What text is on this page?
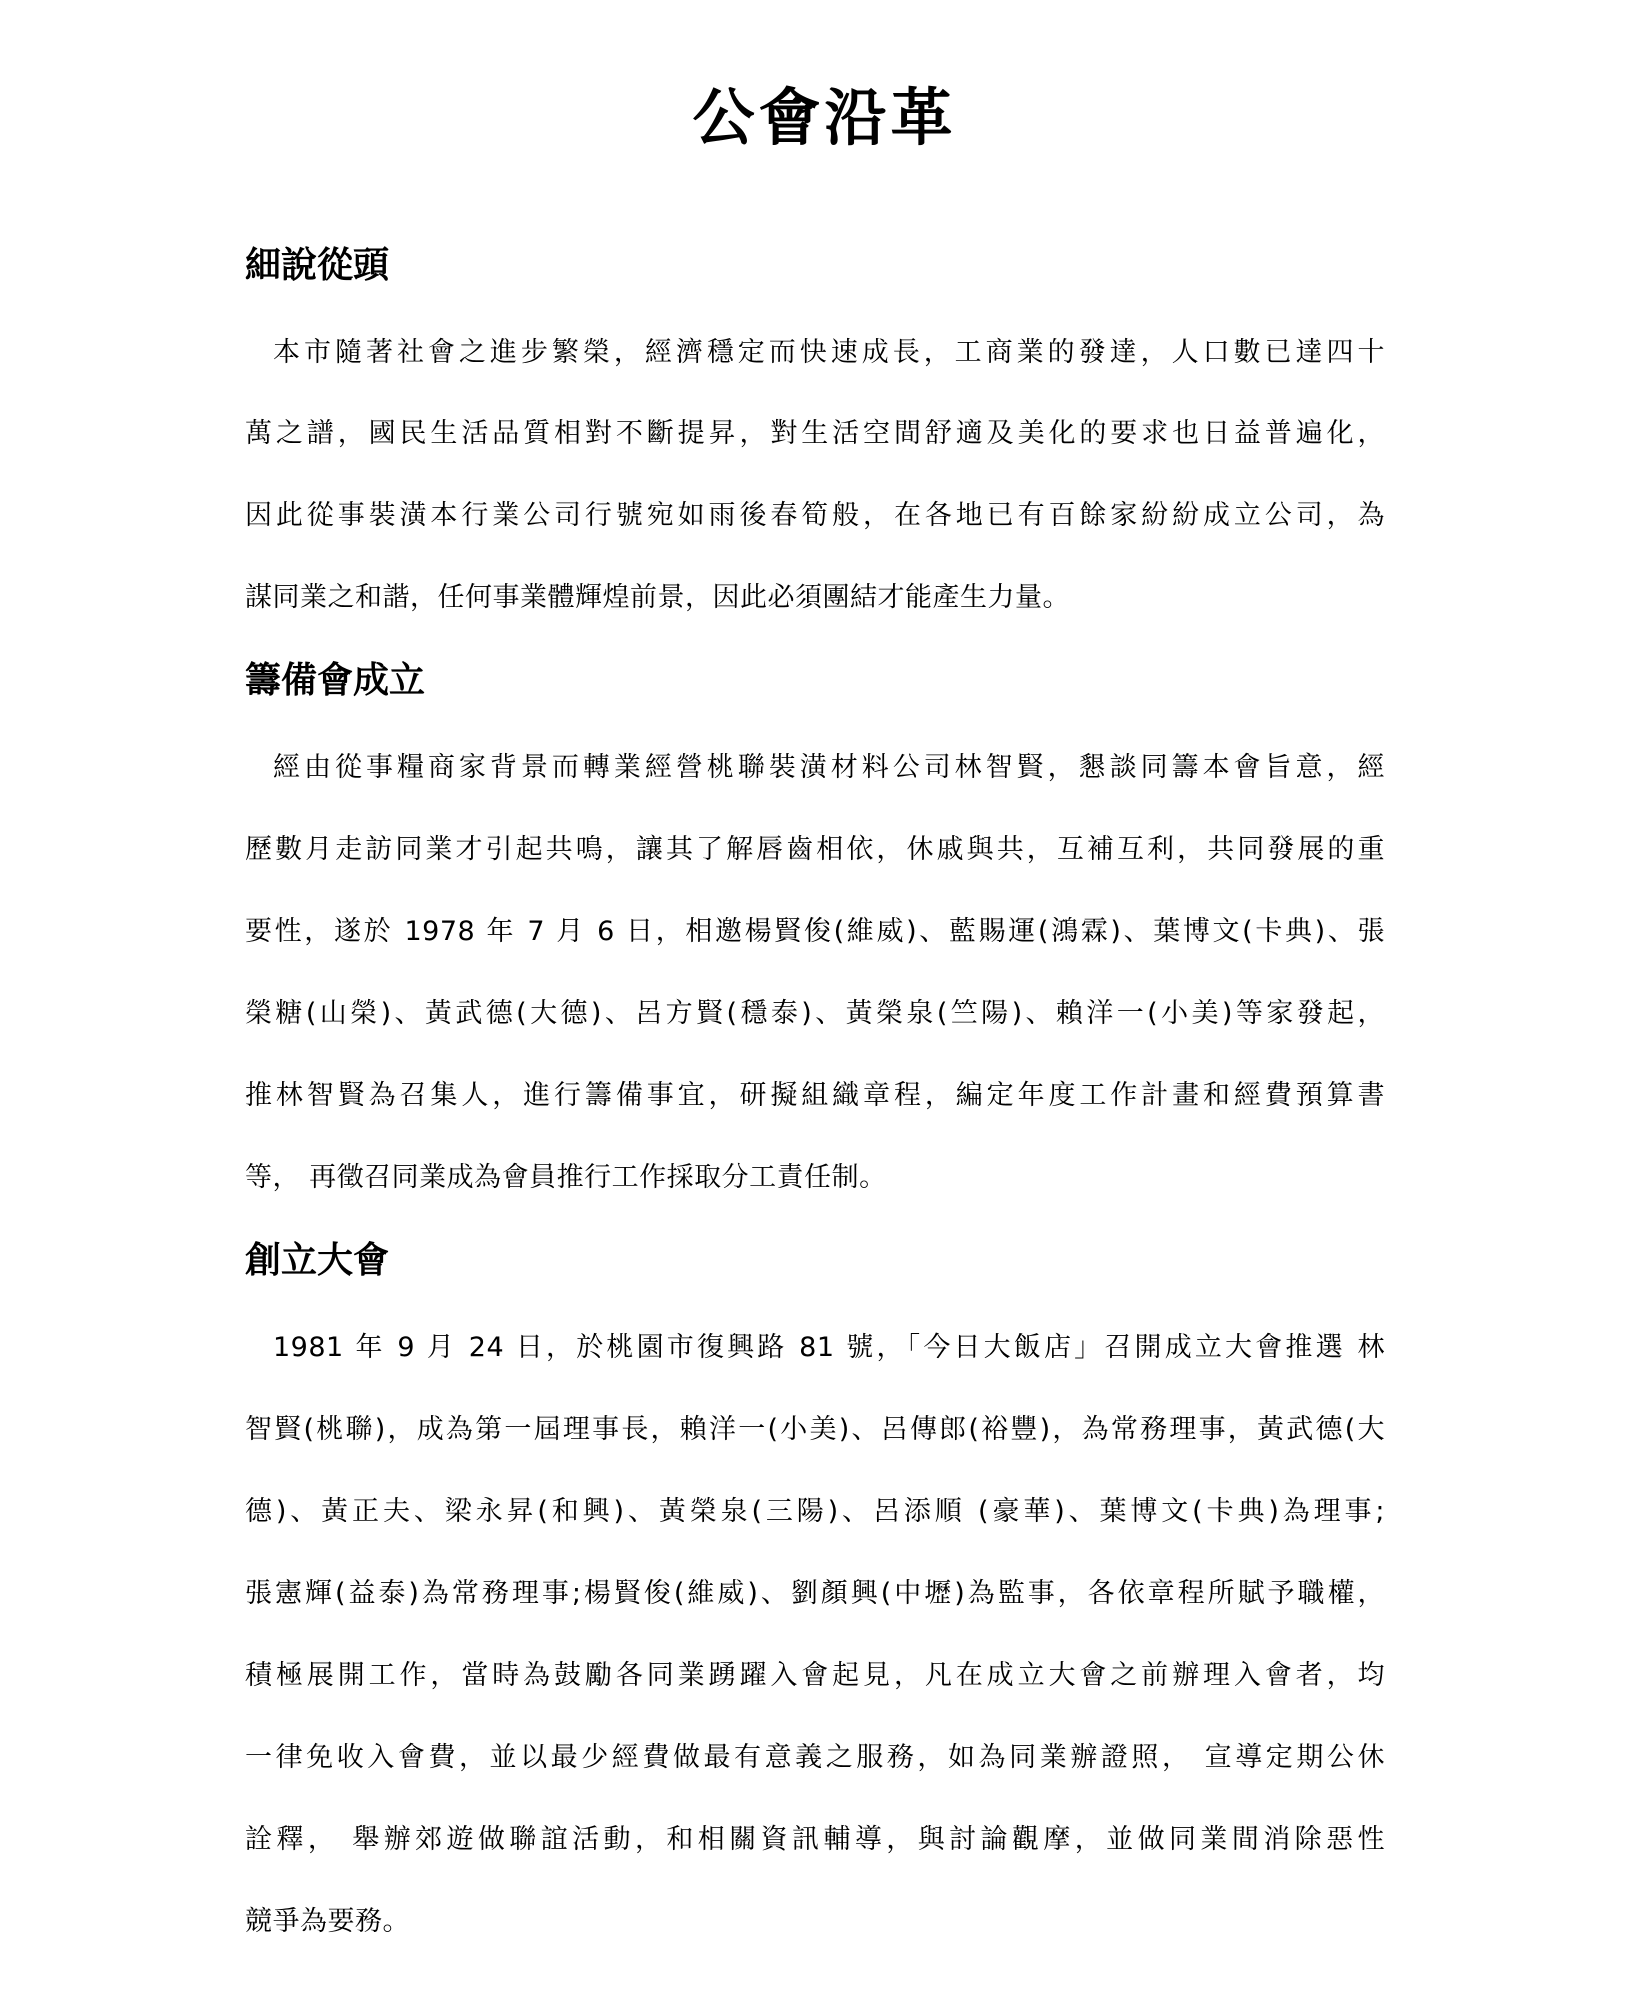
公會沿革
細說從頭

本市隨著社會之進步繁榮，經濟穩定而快速成長，工商業的發達，人口數已達四十

萬之譜，國民生活品質相對不斷提昇，對生活空間舒適及美化的要求也日益普遍化，

因此從事裝潢本行業公司行號宛如雨後春筍般，在各地已有百餘家紛紛成立公司，為

謀同業之和諧，任何事業體輝煌前景，因此必須團結才能產生力量。

籌備會成立

經由從事糧商家背景而轉業經營桃聯裝潢材料公司林智賢，懇談同籌本會旨意，經

歷數月走訪同業才引起共鳴，讓其了解唇齒相依，休戚與共，互補互利，共同發展的重

要性，遂於 1978 年 7 月 6 日，相邀楊賢俊(維威)、藍賜運(鴻霖)、葉博文(卡典)、張

榮糖(山榮)、黃武德(大德)、呂方賢(穩泰)、黃榮泉(竺陽)、賴洋一(小美)等家發起，

推林智賢為召集人，進行籌備事宜，研擬組織章程，編定年度工作計畫和經費預算書

等， 再徵召同業成為會員推行工作採取分工責任制。

創立大會

1981 年 9 月 24 日，於桃園市復興路 81 號，「今日大飯店」召開成立大會推選 林

智賢(桃聯)，成為第一屆理事長，賴洋一(小美)、呂傳郎(裕豐)，為常務理事，黃武德(大

德)、黃正夫、梁永昇(和興)、黃榮泉(三陽)、呂添順 (豪華)、葉博文(卡典)為理事;

張憲輝(益泰)為常務理事;楊賢俊(維威)、劉顏興(中壢)為監事，各依章程所賦予職權，

積極展開工作，當時為鼓勵各同業踴躍入會起見，凡在成立大會之前辦理入會者，均

一律免收入會費，並以最少經費做最有意義之服務，如為同業辦證照， 宣導定期公休

詮釋， 舉辦郊遊做聯誼活動，和相關資訊輔導，與討論觀摩，並做同業間消除惡性

競爭為要務。
